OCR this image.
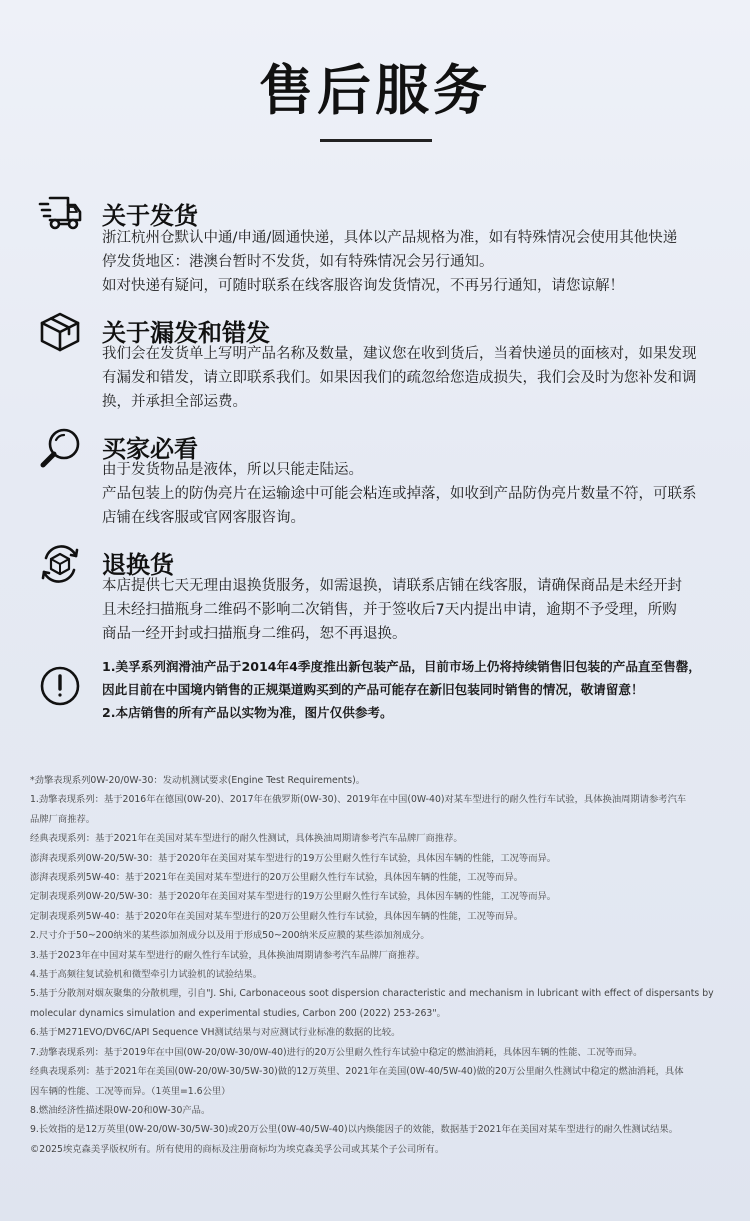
售后服务
关于发货
浙江杭州仓默认中通/申通/圆通快递，具体以产品规格为准，如有特殊情况会使用其他快递
停发货地区：港澳台暂时不发货，如有特殊情况会另行通知。
如对快递有疑问，可随时联系在线客服咨询发货情况，不再另行通知，请您谅解！
关于漏发和错发
我们会在发货单上写明产品名称及数量，建议您在收到货后，当着快递员的面核对，如果发现
有漏发和错发，请立即联系我们。如果因我们的疏忽给您造成损失，我们会及时为您补发和调
换，并承担全部运费。
买家必看
由于发货物品是液体，所以只能走陆运。
产品包装上的防伪亮片在运输途中可能会粘连或掉落，如收到产品防伪亮片数量不符，可联系
店铺在线客服或官网客服咨询。
退换货
本店提供七天无理由退换货服务，如需退换，请联系店铺在线客服，请确保商品是未经开封
且未经扫描瓶身二维码不影响二次销售，并于签收后7天内提出申请，逾期不予受理，所购
商品一经开封或扫描瓶身二维码，恕不再退换。
1.美孚系列润滑油产品于2014年4季度推出新包装产品，目前市场上仍将持续销售旧包装的产品直至售罄，
因此目前在中国境内销售的正规渠道购买到的产品可能存在新旧包装同时销售的情况，敬请留意！
2.本店销售的所有产品以实物为准，图片仅供参考。
*劲擎表现系列0W-20/0W-30：发动机测试要求(Engine Test Requirements)。
1.劲擎表现系列：基于2016年在德国(0W-20)、2017年在俄罗斯(0W-30)、2019年在中国(0W-40)对某车型进行的耐久性行车试验，具体换油周期请参考汽车
品牌厂商推荐。
经典表现系列：基于2021年在美国对某车型进行的耐久性测试，具体换油周期请参考汽车品牌厂商推荐。
澎湃表现系列0W-20/5W-30：基于2020年在美国对某车型进行的19万公里耐久性行车试验，具体因车辆的性能，工况等而异。
澎湃表现系列5W-40：基于2021年在美国对某车型进行的20万公里耐久性行车试验，具体因车辆的性能，工况等而异。
定制表现系列0W-20/5W-30：基于2020年在美国对某车型进行的19万公里耐久性行车试验，具体因车辆的性能，工况等而异。
定制表现系列5W-40：基于2020年在美国对某车型进行的20万公里耐久性行车试验，具体因车辆的性能，工况等而异。
2.尺寸介于50~200纳米的某些添加剂成分以及用于形成50~200纳米反应膜的某些添加剂成分。
3.基于2023年在中国对某车型进行的耐久性行车试验，具体换油周期请参考汽车品牌厂商推荐。
4.基于高频往复试验机和微型牵引力试验机的试验结果。
5.基于分散剂对烟灰聚集的分散机理，引自"J. Shi, Carbonaceous soot dispersion characteristic and mechanism in lubricant with effect of dispersants by
molecular dynamics simulation and experimental studies, Carbon 200 (2022) 253-263"。
6.基于M271EVO/DV6C/API Sequence VH测试结果与对应测试行业标准的数据的比较。
7.劲擎表现系列：基于2019年在中国(0W-20/0W-30/0W-40)进行的20万公里耐久性行车试验中稳定的燃油消耗，具体因车辆的性能、工况等而异。
经典表现系列：基于2021年在美国(0W-20/0W-30/5W-30)做的12万英里、2021年在美国(0W-40/5W-40)做的20万公里耐久性测试中稳定的燃油消耗，具体
因车辆的性能、工况等而异。（1英里=1.6公里）
8.燃油经济性描述限0W-20和0W-30产品。
9.长效指的是12万英里(0W-20/0W-30/5W-30)或20万公里(0W-40/5W-40)以内焕能因子的效能，数据基于2021年在美国对某车型进行的耐久性测试结果。
©2025埃克森美孚版权所有。所有使用的商标及注册商标均为埃克森美孚公司或其某个子公司所有。
